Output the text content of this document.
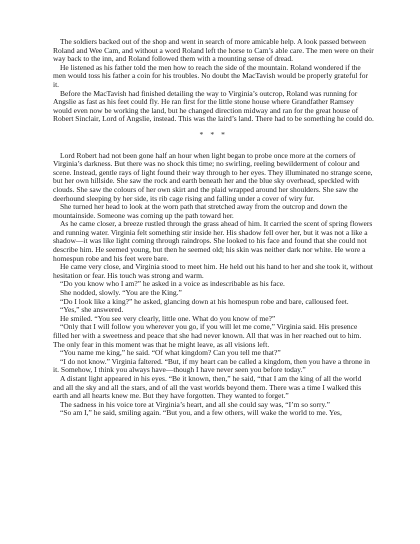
The soldiers backed out of the shop and went in search of more amicable help. A look passed between Roland and Wee Cam, and without a word Roland left the horse to Cam’s able care. The men were on their way back to the inn, and Roland followed them with a mounting sense of dread.

He listened as his father told the men how to reach the side of the mountain. Roland wondered if the men would toss his father a coin for his troubles. No doubt the MacTavish would be properly grateful for it.

Before the MacTavish had finished detailing the way to Virginia’s outcrop, Roland was running for Angslie as fast as his feet could fly. He ran first for the little stone house where Grandfather Ramsey would even now be working the land, but he changed direction midway and ran for the great house of Robert Sinclair, Lord of Angslie, instead. This was the laird’s land. There had to be something he could do.

* * *

Lord Robert had not been gone half an hour when light began to probe once more at the corners of Virginia’s darkness. But there was no shock this time; no swirling, reeling bewilderment of colour and scene. Instead, gentle rays of light found their way through to her eyes. They illuminated no strange scene, but her own hillside. She saw the rock and earth beneath her and the blue sky overhead, speckled with clouds. She saw the colours of her own skirt and the plaid wrapped around her shoulders. She saw the deerhound sleeping by her side, its rib cage rising and falling under a cover of wiry fur.

She turned her head to look at the worn path that stretched away from the outcrop and down the mountainside. Someone was coming up the path toward her.

As he came closer, a breeze rustled through the grass ahead of him. It carried the scent of spring flowers and running water. Virginia felt something stir inside her. His shadow fell over her, but it was not a like a shadow—it was like light coming through raindrops. She looked to his face and found that she could not describe him. He seemed young, but then he seemed old; his skin was neither dark nor white. He wore a homespun robe and his feet were bare.

He came very close, and Virginia stood to meet him. He held out his hand to her and she took it, without hesitation or fear. His touch was strong and warm.

“Do you know who I am?” he asked in a voice as indescribable as his face.

She nodded, slowly. “You are the King.”

“Do I look like a king?” he asked, glancing down at his homespun robe and bare, calloused feet.

“Yes,” she answered.

He smiled. “You see very clearly, little one. What do you know of me?”

“Only that I will follow you wherever you go, if you will let me come,” Virginia said. His presence filled her with a sweetness and peace that she had never known. All that was in her reached out to him. The only fear in this moment was that he might leave, as all visions left.

“You name me king,” he said. “Of what kingdom? Can you tell me that?”

“I do not know.” Virginia faltered. “But, if my heart can be called a kingdom, then you have a throne in it. Somehow, I think you always have—though I have never seen you before today.”

A distant light appeared in his eyes. “Be it known, then,” he said, “that I am the king of all the world and all the sky and all the stars, and of all the vast worlds beyond them. There was a time I walked this earth and all hearts knew me. But they have forgotten. They wanted to forget.”

The sadness in his voice tore at Virginia’s heart, and all she could say was, “I’m so sorry.”

“So am I,” he said, smiling again. “But you, and a few others, will wake the world to me. Yes,
